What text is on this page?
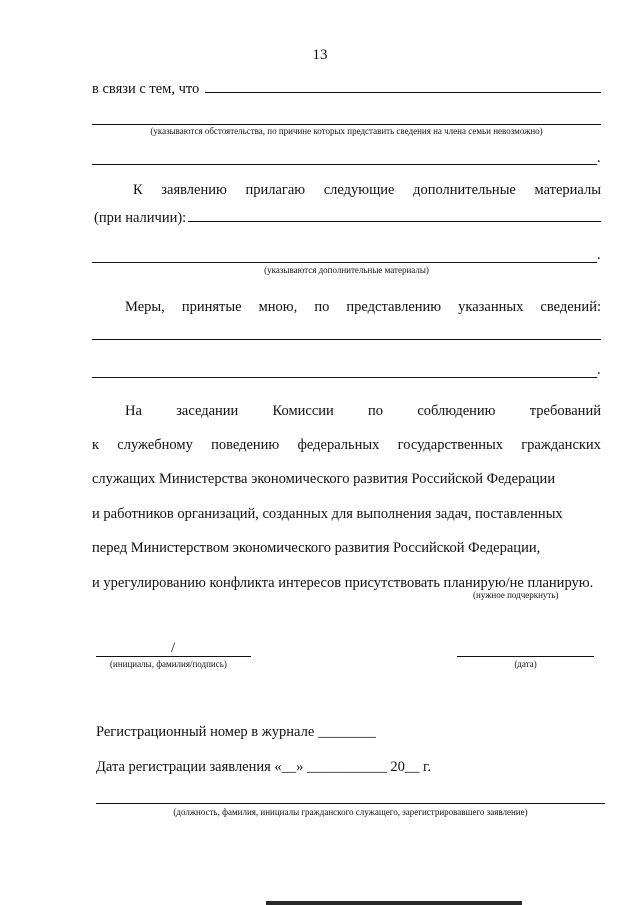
13
в связи с тем, что
(указываются обстоятельства, по причине которых представить сведения на члена семьи невозможно)
.
К заявлению прилагаю следующие дополнительные материалы
(при наличии):
.
(указываются дополнительные материалы)
Меры, принятые мною, по представлению указанных сведений:
.
На заседании Комиссии по соблюдению требований
к служебному поведению федеральных государственных гражданских
служащих Министерства экономического развития Российской Федерации
и работников организаций, созданных для выполнения задач, поставленных
перед Министерством экономического развития Российской Федерации,
и урегулированию конфликта интересов присутствовать планирую/не планирую.
(нужное подчеркнуть)
/
(инициалы, фамилия/подпись)	(дата)
Регистрационный номер в журнале ________
Дата регистрации заявления «__» ___________ 20__ г.
(должность, фамилия, инициалы гражданского служащего, зарегистрировавшего заявление)
